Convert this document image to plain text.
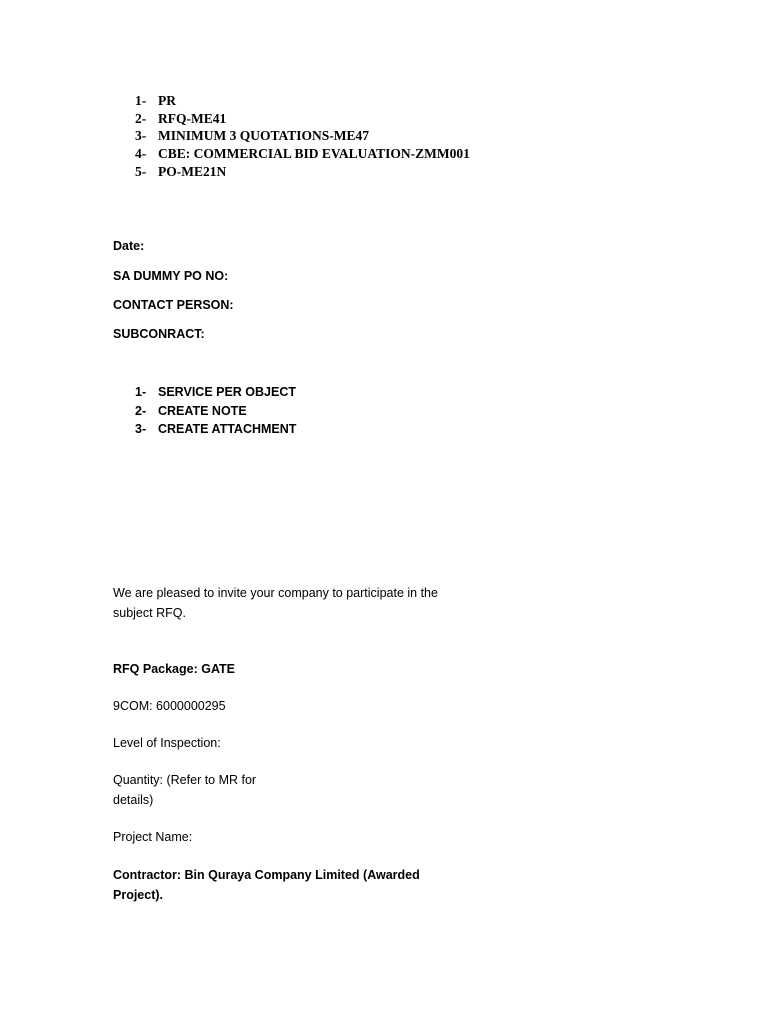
1- PR
2- RFQ-ME41
3- MINIMUM 3 QUOTATIONS-ME47
4- CBE: COMMERCIAL BID EVALUATION-ZMM001
5- PO-ME21N

Date:

SA DUMMY PO NO:

CONTACT PERSON:

SUBCONRACT:

1- SERVICE PER OBJECT
2- CREATE NOTE
3- CREATE ATTACHMENT
We are pleased to invite your company to participate in the
subject RFQ.

RFQ Package: GATE

9COM: 6000000295

Level of Inspection:

Quantity: (Refer to MR for
details)

Project Name:

Contractor: Bin Quraya Company Limited (Awarded
Project).
